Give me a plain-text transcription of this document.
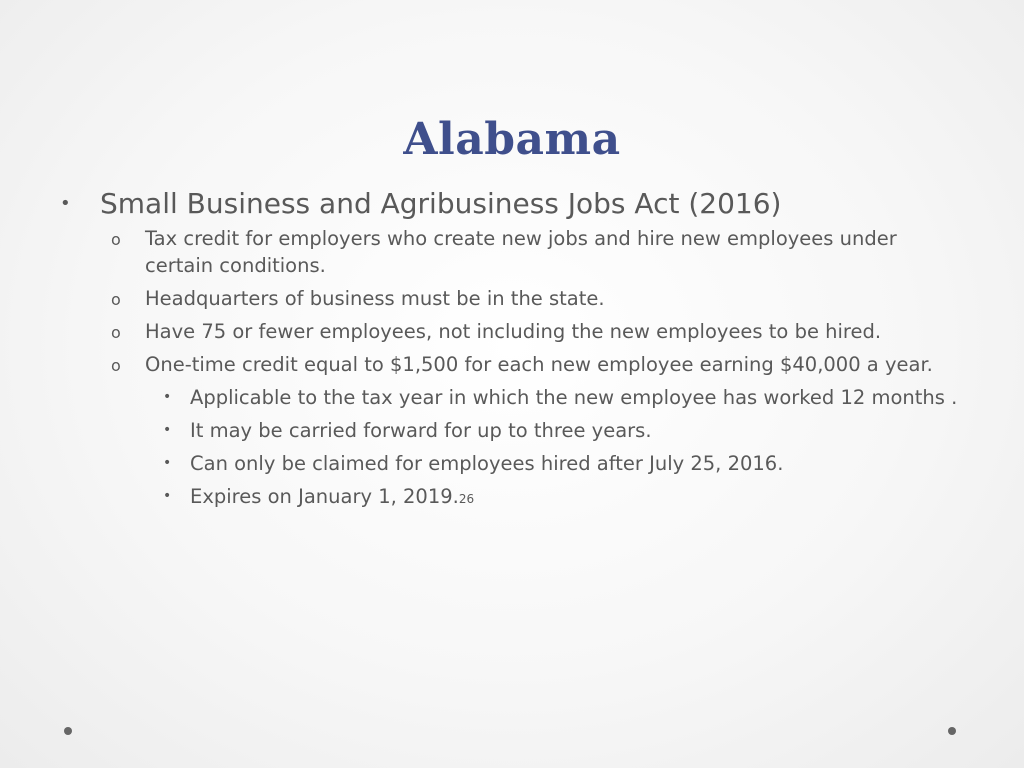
Alabama
• Small Business and Agribusiness Jobs Act (2016)
o Tax credit for employers who create new jobs and hire new employees under certain conditions.
o Headquarters of business must be in the state.
o Have 75 or fewer employees, not including the new employees to be hired.
o One-time credit equal to $1,500 for each new employee earning $40,000 a year.
• Applicable to the tax year in which the new employee has worked 12 months .
• It may be carried forward for up to three years.
• Can only be claimed for employees hired after July 25, 2016.
• Expires on January 1, 2019.26
